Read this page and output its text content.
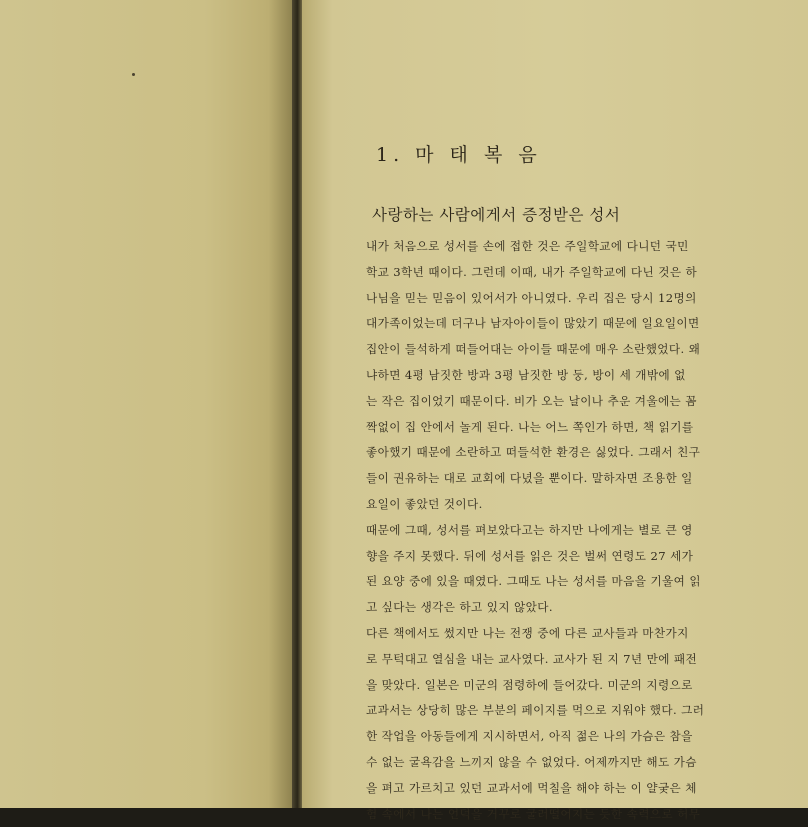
1. 마 태 복 음
사랑하는 사람에게서 증정받은 성서
내가 처음으로 성서를 손에 접한 것은 주일학교에 다니던 국민
학교 3학년 때이다. 그런데 이때, 내가 주일학교에 다닌 것은 하
나님을 믿는 믿음이 있어서가 아니였다. 우리 집은 당시 12명의
대가족이었는데 더구나 남자아이들이 많았기 때문에 일요일이면
집안이 들석하게 떠들어대는 아이들 때문에 매우 소란했었다. 왜
냐하면 4평 남짓한 방과 3평 남짓한 방 둥, 방이 세 개밖에 없
는 작은 집이었기 때문이다. 비가 오는 날이나 추운 겨울에는 꼼
짝없이 집 안에서 놀게 된다. 나는 어느 쪽인가 하면, 책 읽기를
좋아했기 때문에 소란하고 떠들석한 환경은 싫었다. 그래서 친구
들이 권유하는 대로 교회에 다녔을 뿐이다. 말하자면 조용한 일
요일이 좋았던 것이다.
때문에 그때, 성서를 펴보았다고는 하지만 나에게는 별로 큰 영
향을 주지 못했다. 뒤에 성서를 읽은 것은 벌써 연령도 27 세가
된 요양 중에 있을 때였다. 그때도 나는 성서를 마음을 기울여 읽
고 싶다는 생각은 하고 있지 않았다.
다른 책에서도 썼지만 나는 전쟁 중에 다른 교사들과 마찬가지
로 무턱대고 열심을 내는 교사였다. 교사가 된 지 7년 만에 패전
을 맞았다. 일본은 미군의 점령하에 들어갔다. 미군의 지령으로
교과서는 상당히 많은 부분의 페이지를 먹으로 지워야 했다. 그러
한 작업을 아동들에게 지시하면서, 아직 젊은 나의 가슴은 참을
수 없는 굴욕감을 느끼지 않을 수 없었다. 어제까지만 해도 가슴
을 펴고 가르치고 있던 교과서에 먹칠을 해야 하는 이 얄궂은 체
험 속에서 나는 언덕을 거꾸로 굴러떨어지는 듯한 속력으로 허무
